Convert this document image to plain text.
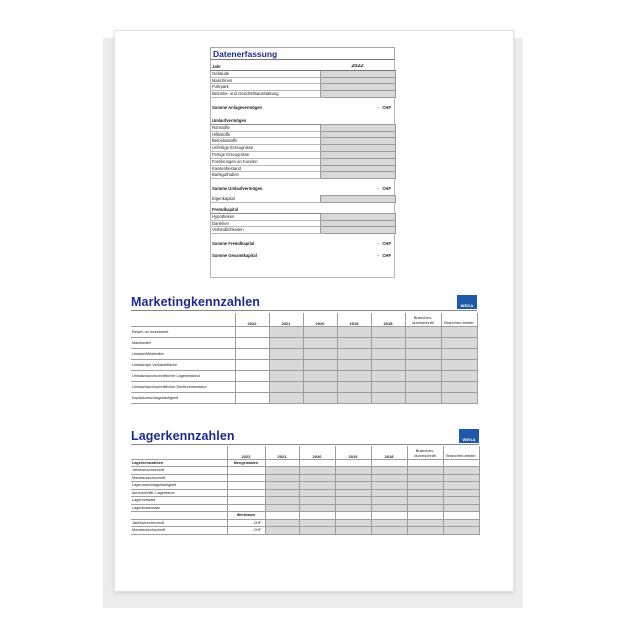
Datenerfassung
Jahr	2022
Gebäude	
Maschinen	
Fuhrpark	
Betriebs- und Geschäftsausstattung	

Summe Anlagevermögen	- CHF

Umlaufvermögen	
Rohstoffe	
Hilfsstoffe	
Betriebsstoffe	
Unfertige Erzeugnisse	
Fertige Erzeugnisse	
Forderungen an Kunden	
Kassenbestand	
Bankguthaben	

Summe Umlaufvermögen	- CHF
Eigenkapital	

Fremdkapital	
Hypotheken	
Darlehen	
Verbindlichkeiten	

Summe Fremdkapital	- CHF
Summe Gesamtkapital	- CHF
Marketingkennzahlen	WEKA
	2022	2021	2020	2019	2018	Branchen-durchschnitt	Branchen-bester
Return on Investment							
Marktanteil							
Umsatz/Mitarbeiter							
Umsatz/qm Verkaufsfläche							
Umsatz/durchschnittlicher Lagerbestand							
Umsatz/durchschnittlicher Debitorenbestand							
Kapitalumschlagshäufigkeit							
Lagerkennzahlen	WEKA
	2022	2021	2020	2019	2018	Branchen-durchschnitt	Branchen-bester
Lagerkennzahlen	Mengendaten						
Jahresdurchschnitt							
Monatsdurchschnitt							
Lagerumschlagshäufigkeit							
durchschnittl. Lagerdauer							
Lagerzinssatz							
Lagerkostensatz							
	Wertdaten						
Jahresdurchschnitt	- CHF						
Monatsdurchschnitt	- CHF						
